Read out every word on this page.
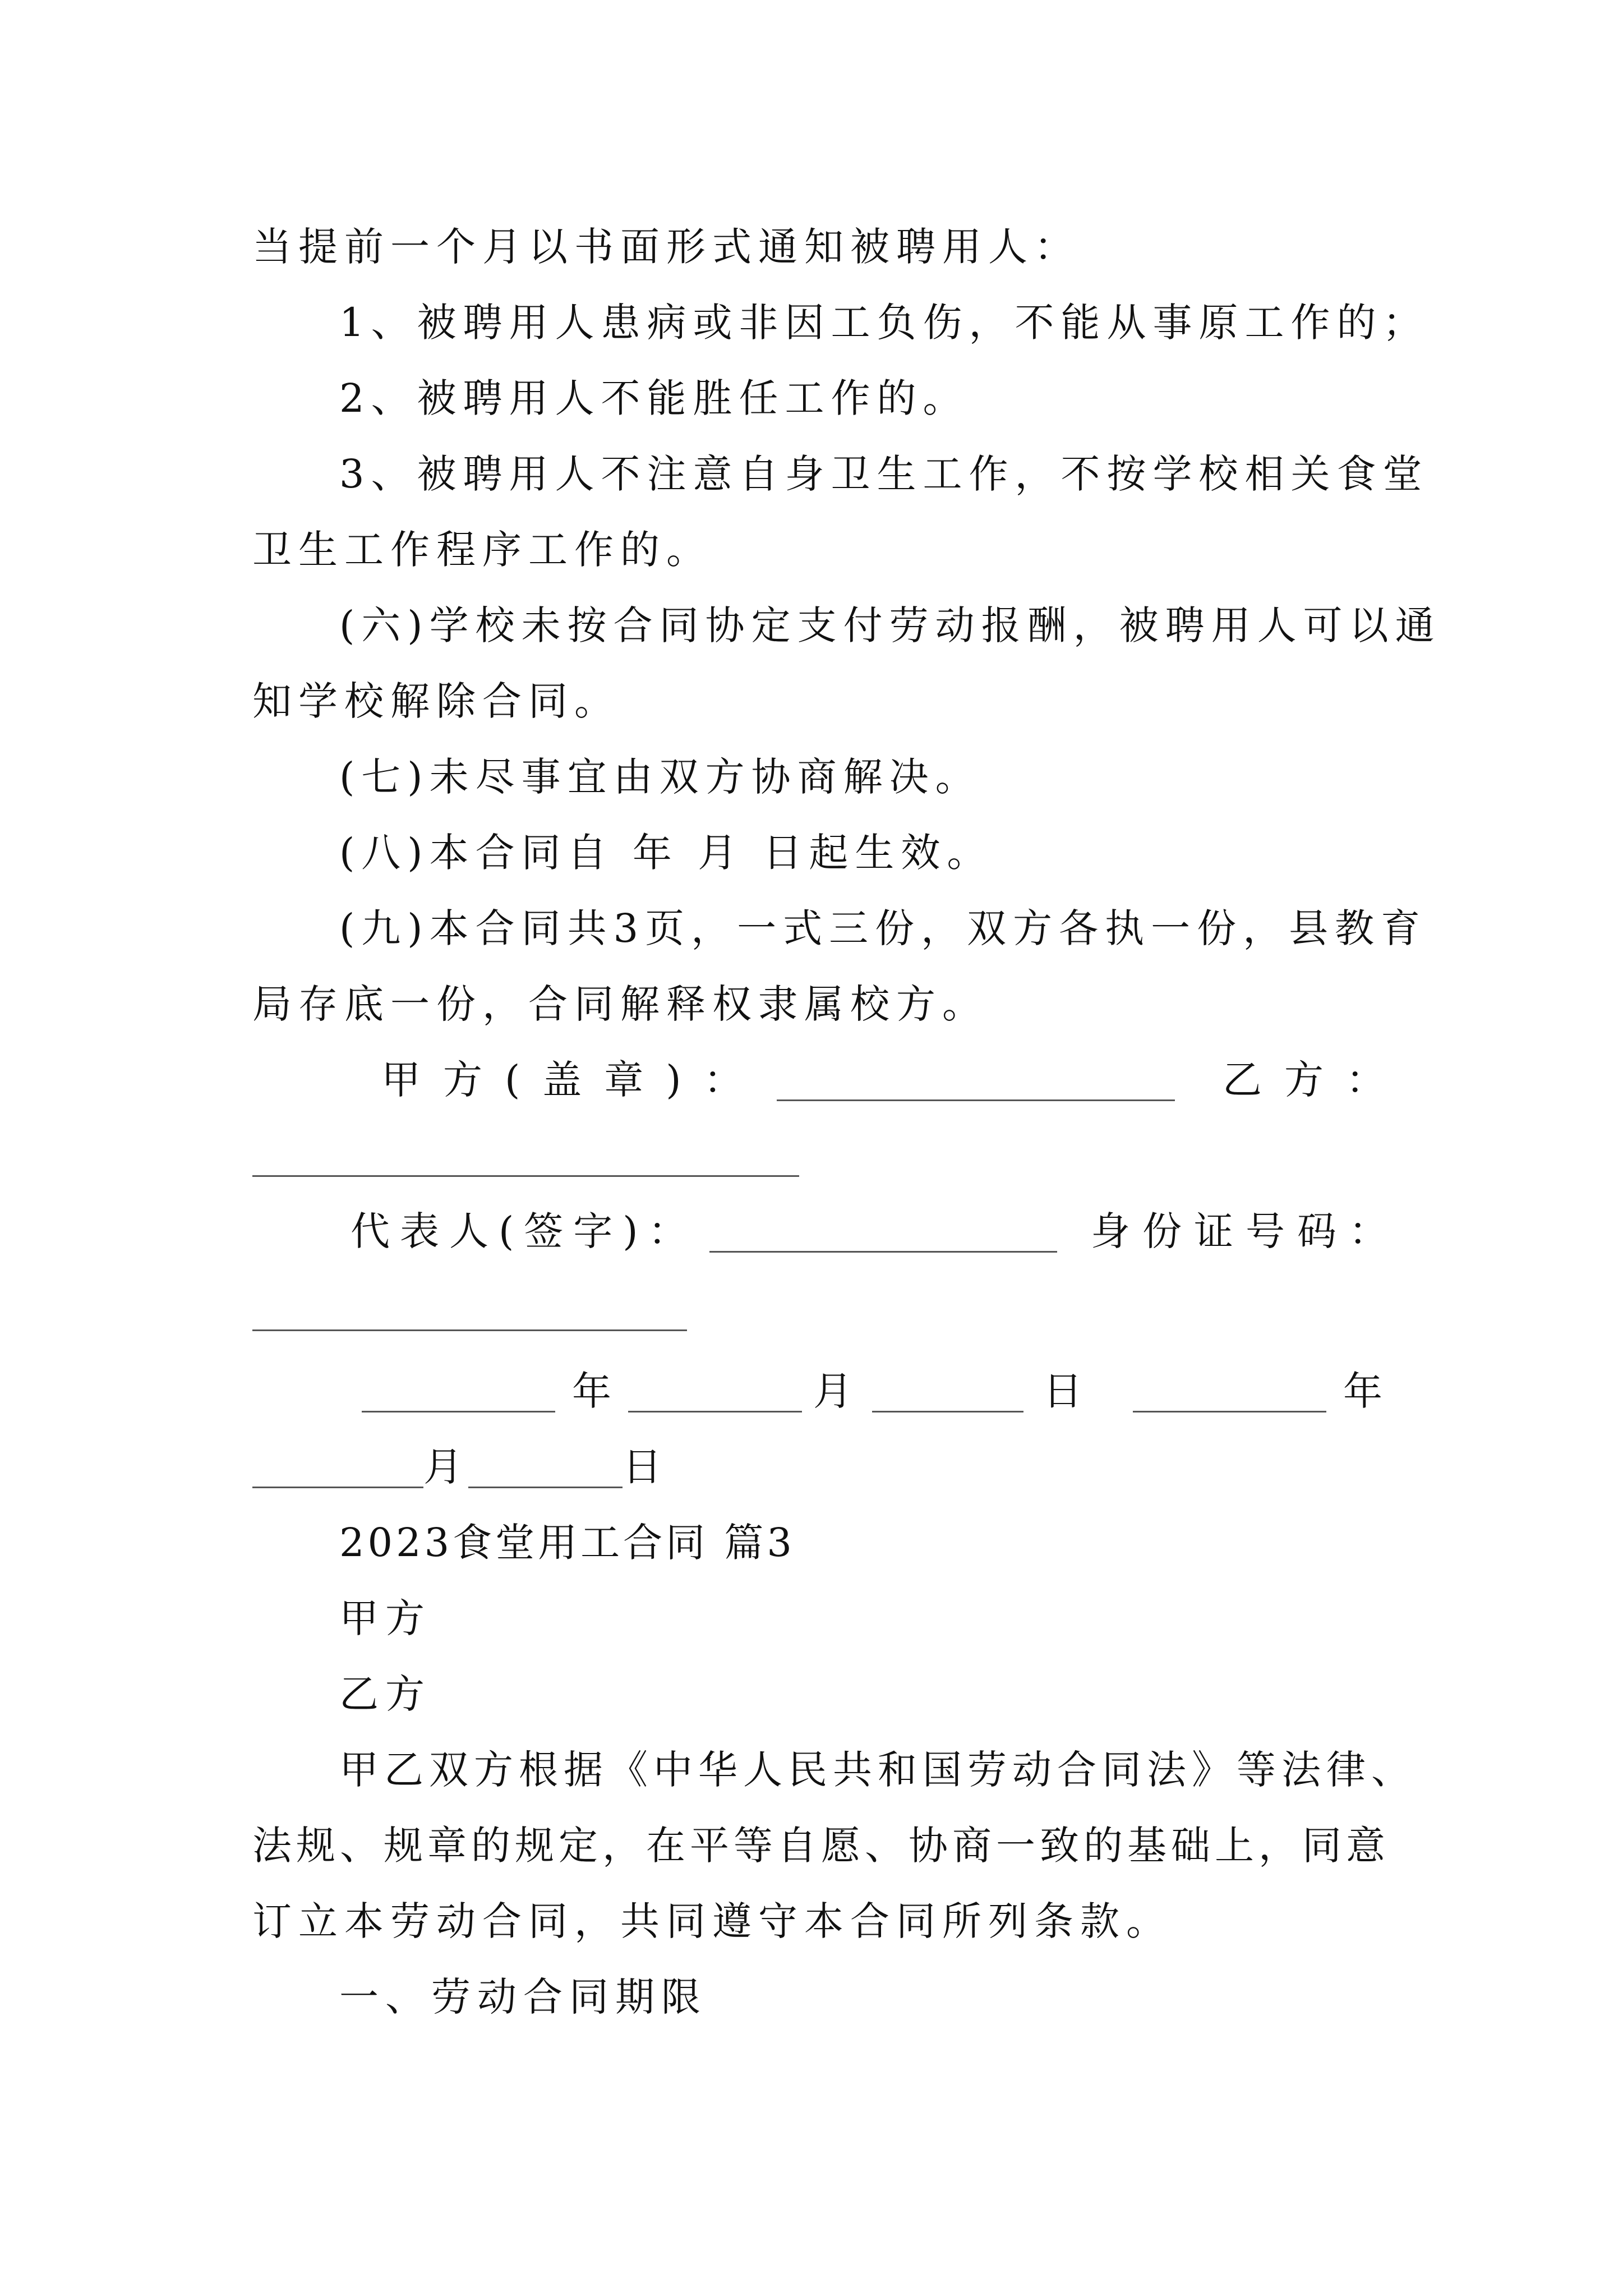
当提前一个月以书面形式通知被聘用人：
1、被聘用人患病或非因工负伤，不能从事原工作的；
2、被聘用人不能胜任工作的。
3、被聘用人不注意自身卫生工作，不按学校相关食堂
卫生工作程序工作的。
(六)学校未按合同协定支付劳动报酬，被聘用人可以通
知学校解除合同。
(七)未尽事宜由双方协商解决。
(八)本合同自 年 月 日起生效。
(九)本合同共3页，一式三份，双方各执一份，县教育
局存底一份，合同解释权隶属校方。
甲方(盖章)：	乙方：
代表人(签字)：	身份证号码：
年	月	日	年
月	日
2023食堂用工合同 篇3
甲方
乙方
甲乙双方根据《中华人民共和国劳动合同法》等法律、
法规、规章的规定，在平等自愿、协商一致的基础上，同意
订立本劳动合同，共同遵守本合同所列条款。
一、劳动合同期限
